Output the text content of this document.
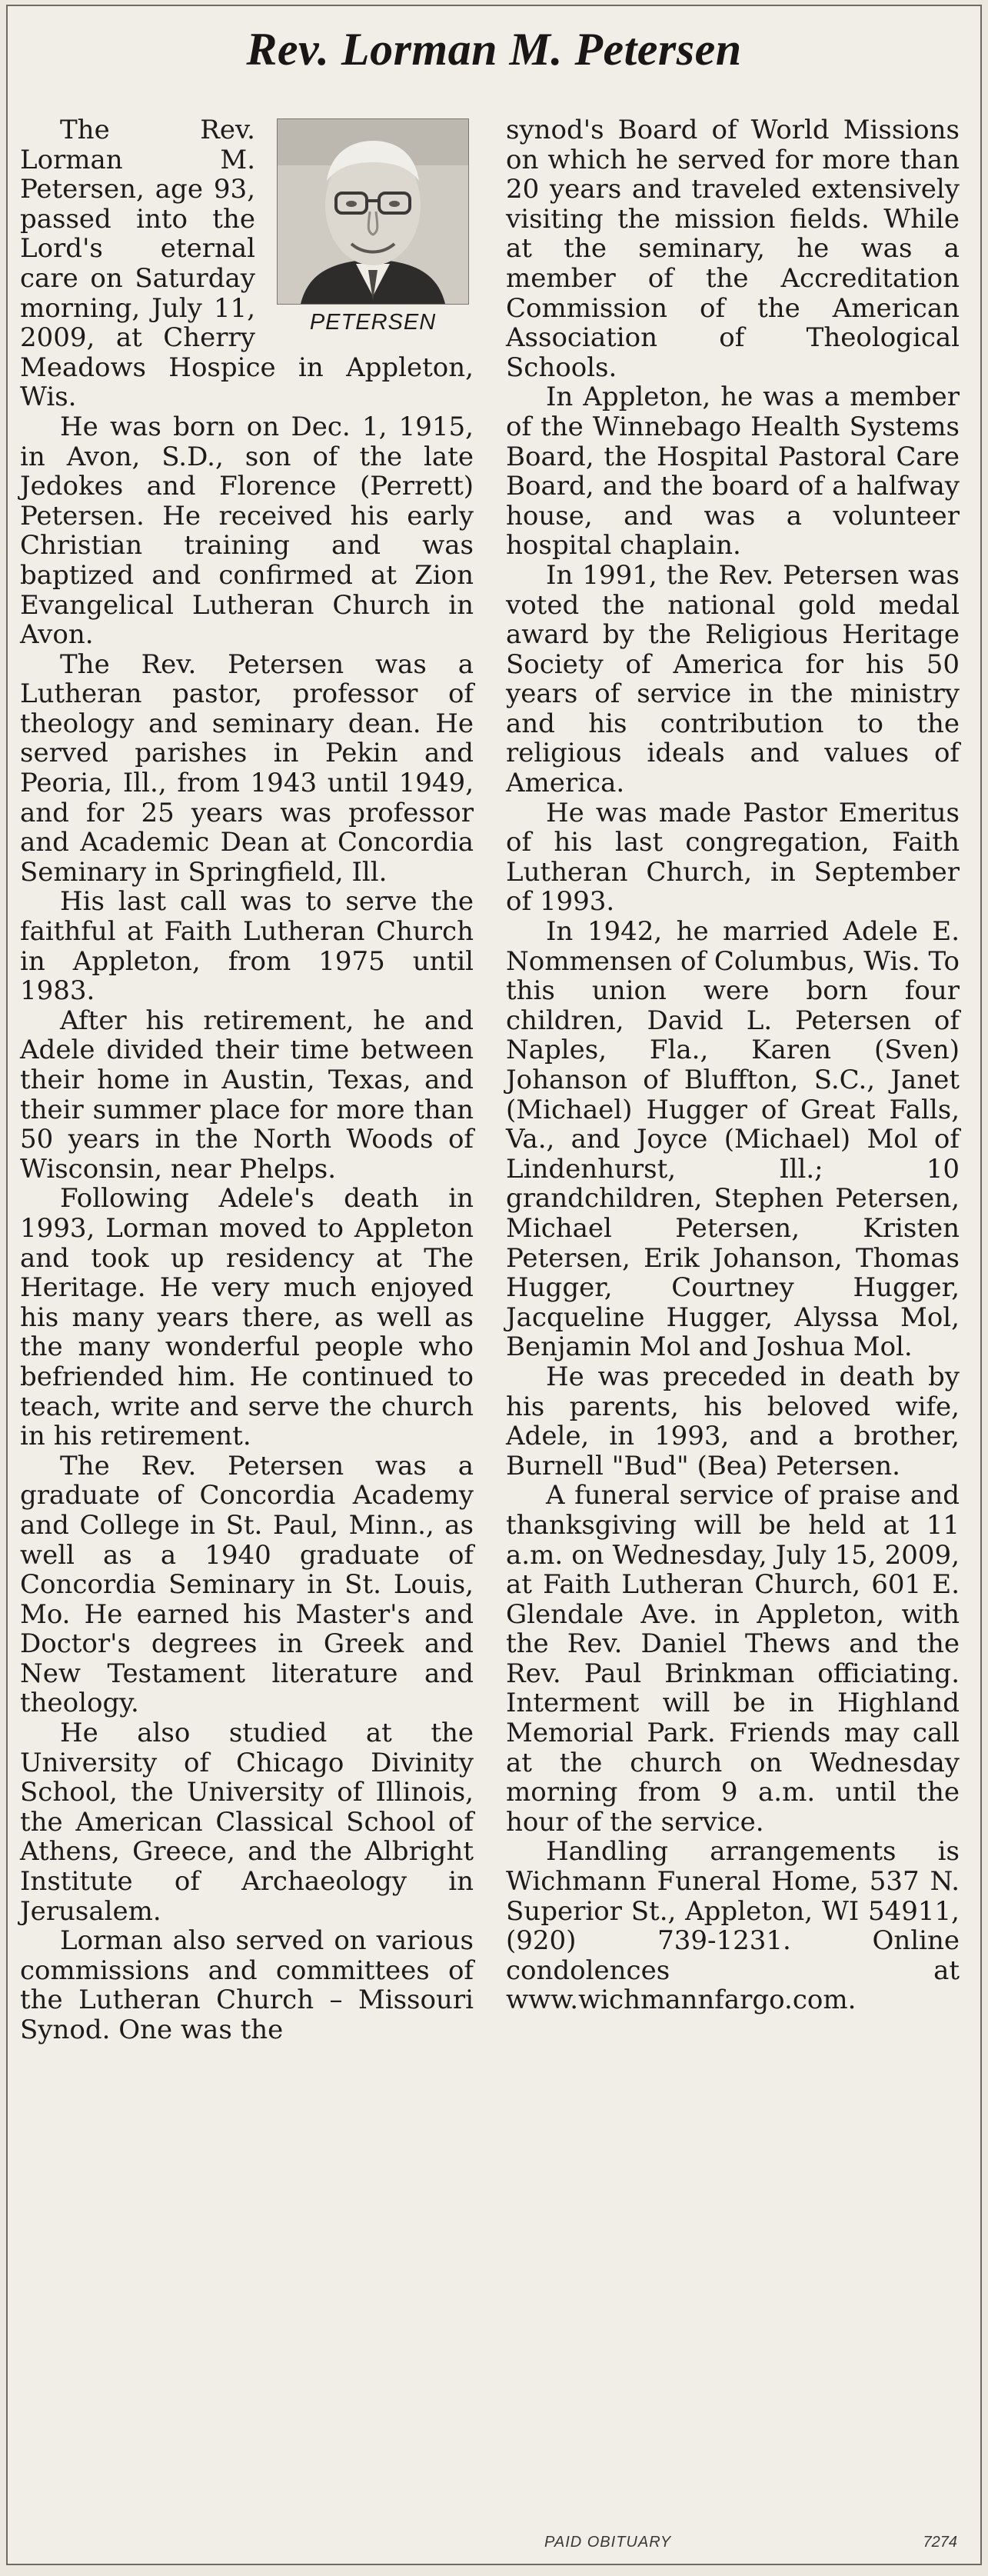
Rev. Lorman M. Petersen
PETERSEN

The Rev. Lorman M. Petersen, age 93, passed into the Lord's eternal care on Saturday morning, July 11, 2009, at Cherry Meadows Hospice in Appleton, Wis.

He was born on Dec. 1, 1915, in Avon, S.D., son of the late Jedokes and Florence (Perrett) Petersen. He received his early Christian training and was baptized and confirmed at Zion Evangelical Lutheran Church in Avon.

The Rev. Petersen was a Lutheran pastor, professor of theology and seminary dean. He served parishes in Pekin and Peoria, Ill., from 1943 until 1949, and for 25 years was professor and Academic Dean at Concordia Seminary in Springfield, Ill.

His last call was to serve the faithful at Faith Lutheran Church in Appleton, from 1975 until 1983.

After his retirement, he and Adele divided their time between their home in Austin, Texas, and their summer place for more than 50 years in the North Woods of Wisconsin, near Phelps.

Following Adele's death in 1993, Lorman moved to Appleton and took up residency at The Heritage. He very much enjoyed his many years there, as well as the many wonderful people who befriended him. He continued to teach, write and serve the church in his retirement.

The Rev. Petersen was a graduate of Concordia Academy and College in St. Paul, Minn., as well as a 1940 graduate of Concordia Seminary in St. Louis, Mo. He earned his Master's and Doctor's degrees in Greek and New Testament literature and theology.

He also studied at the University of Chicago Divinity School, the University of Illinois, the American Classical School of Athens, Greece, and the Albright Institute of Archaeology in Jerusalem.

Lorman also served on various commissions and committees of the Lutheran Church – Missouri Synod. One was the

synod's Board of World Missions on which he served for more than 20 years and traveled extensively visiting the mission fields. While at the seminary, he was a member of the Accreditation Commission of the American Association of Theological Schools.

In Appleton, he was a member of the Winnebago Health Systems Board, the Hospital Pastoral Care Board, and the board of a halfway house, and was a volunteer hospital chaplain.

In 1991, the Rev. Petersen was voted the national gold medal award by the Religious Heritage Society of America for his 50 years of service in the ministry and his contribution to the religious ideals and values of America.

He was made Pastor Emeritus of his last congregation, Faith Lutheran Church, in September of 1993.

In 1942, he married Adele E. Nommensen of Columbus, Wis. To this union were born four children, David L. Petersen of Naples, Fla., Karen (Sven) Johanson of Bluffton, S.C., Janet (Michael) Hugger of Great Falls, Va., and Joyce (Michael) Mol of Lindenhurst, Ill.; 10 grandchildren, Stephen Petersen, Michael Petersen, Kristen Petersen, Erik Johanson, Thomas Hugger, Courtney Hugger, Jacqueline Hugger, Alyssa Mol, Benjamin Mol and Joshua Mol.

He was preceded in death by his parents, his beloved wife, Adele, in 1993, and a brother, Burnell "Bud" (Bea) Petersen.

A funeral service of praise and thanksgiving will be held at 11 a.m. on Wednesday, July 15, 2009, at Faith Lutheran Church, 601 E. Glendale Ave. in Appleton, with the Rev. Daniel Thews and the Rev. Paul Brinkman officiating. Interment will be in Highland Memorial Park. Friends may call at the church on Wednesday morning from 9 a.m. until the hour of the service.

Handling arrangements is Wichmann Funeral Home, 537 N. Superior St., Appleton, WI 54911, (920) 739-1231. Online condolences at www.wichmannfargo.com.

PAID OBITUARY	7274
